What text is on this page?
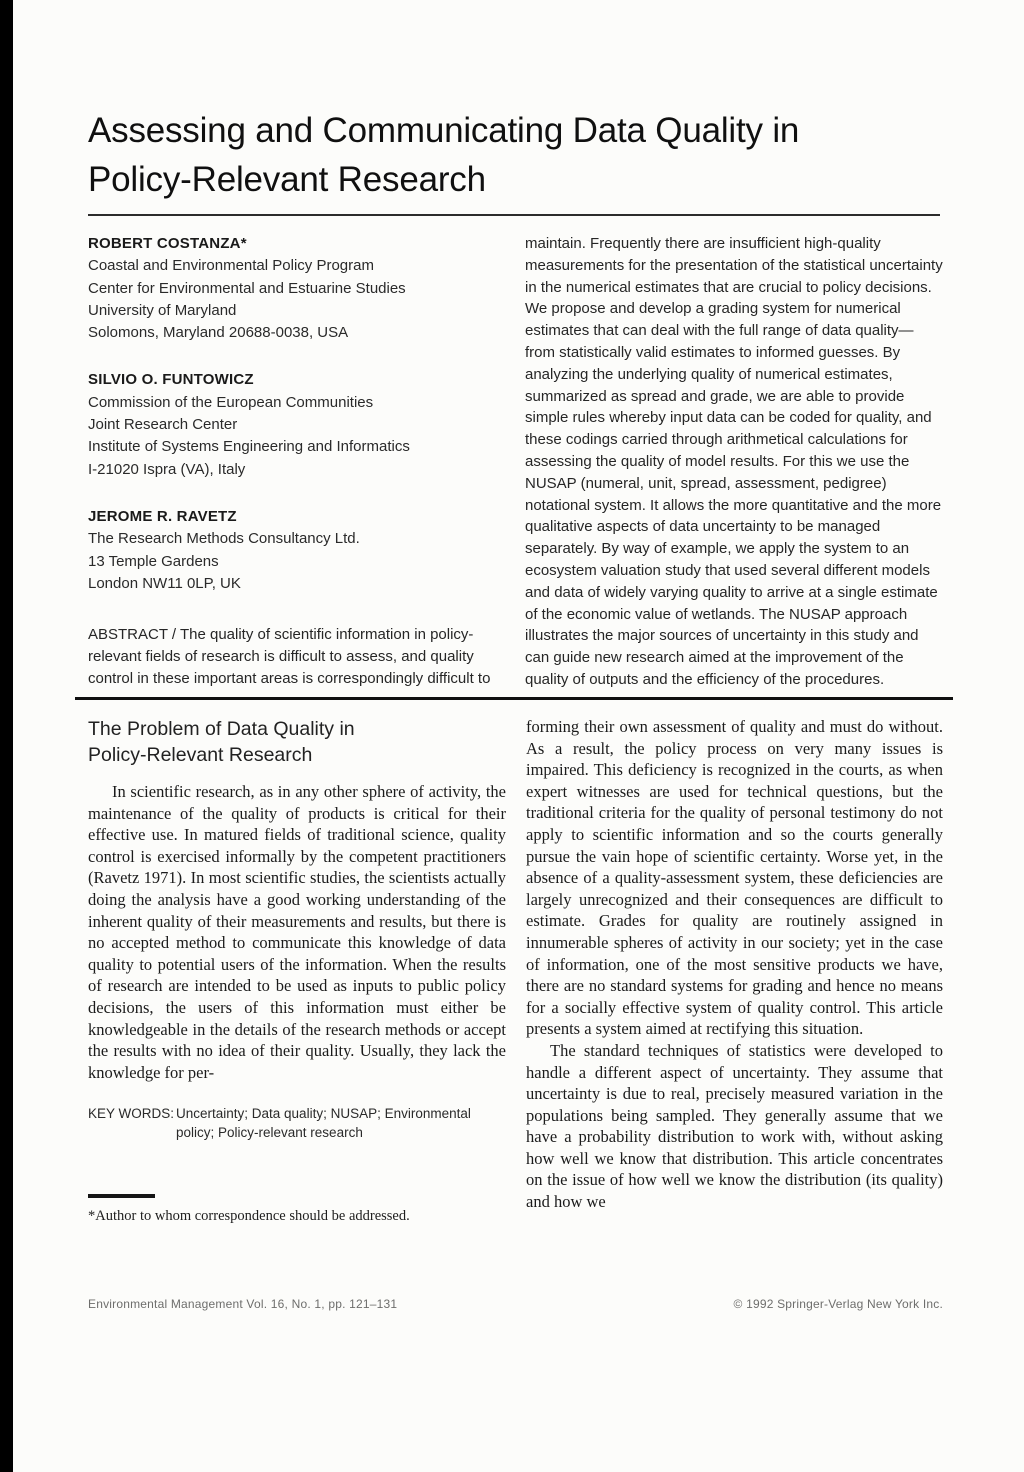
Assessing and Communicating Data Quality in
Policy-Relevant Research
ROBERT COSTANZA*
Coastal and Environmental Policy Program
Center for Environmental and Estuarine Studies
University of Maryland
Solomons, Maryland 20688-0038, USA
SILVIO O. FUNTOWICZ
Commission of the European Communities
Joint Research Center
Institute of Systems Engineering and Informatics
I-21020 Ispra (VA), Italy
JEROME R. RAVETZ
The Research Methods Consultancy Ltd.
13 Temple Gardens
London NW11 0LP, UK
ABSTRACT / The quality of scientific information in policy-relevant fields of research is difficult to assess, and quality control in these important areas is correspondingly difficult to
maintain. Frequently there are insufficient high-quality measurements for the presentation of the statistical uncertainty in the numerical estimates that are crucial to policy decisions. We propose and develop a grading system for numerical estimates that can deal with the full range of data quality—from statistically valid estimates to informed guesses. By analyzing the underlying quality of numerical estimates, summarized as spread and grade, we are able to provide simple rules whereby input data can be coded for quality, and these codings carried through arithmetical calculations for assessing the quality of model results. For this we use the NUSAP (numeral, unit, spread, assessment, pedigree) notational system. It allows the more quantitative and the more qualitative aspects of data uncertainty to be managed separately. By way of example, we apply the system to an ecosystem valuation study that used several different models and data of widely varying quality to arrive at a single estimate of the economic value of wetlands. The NUSAP approach illustrates the major sources of uncertainty in this study and can guide new research aimed at the improvement of the quality of outputs and the efficiency of the procedures.
The Problem of Data Quality in
Policy-Relevant Research

In scientific research, as in any other sphere of activity, the maintenance of the quality of products is critical for their effective use. In matured fields of traditional science, quality control is exercised informally by the competent practitioners (Ravetz 1971). In most scientific studies, the scientists actually doing the analysis have a good working understanding of the inherent quality of their measurements and results, but there is no accepted method to communicate this knowledge of data quality to potential users of the information. When the results of research are intended to be used as inputs to public policy decisions, the users of this information must either be knowledgeable in the details of the research methods or accept the results with no idea of their quality. Usually, they lack the knowledge for per-

KEY WORDS: Uncertainty; Data quality; NUSAP; Environmental policy; Policy-relevant research
*Author to whom correspondence should be addressed.

forming their own assessment of quality and must do without. As a result, the policy process on very many issues is impaired. This deficiency is recognized in the courts, as when expert witnesses are used for technical questions, but the traditional criteria for the quality of personal testimony do not apply to scientific information and so the courts generally pursue the vain hope of scientific certainty. Worse yet, in the absence of a quality-assessment system, these deficiencies are largely unrecognized and their consequences are difficult to estimate. Grades for quality are routinely assigned in innumerable spheres of activity in our society; yet in the case of information, one of the most sensitive products we have, there are no standard systems for grading and hence no means for a socially effective system of quality control. This article presents a system aimed at rectifying this situation.

The standard techniques of statistics were developed to handle a different aspect of uncertainty. They assume that uncertainty is due to real, precisely measured variation in the populations being sampled. They generally assume that we have a probability distribution to work with, without asking how well we know that distribution. This article concentrates on the issue of how well we know the distribution (its quality) and how we

Environmental Management Vol. 16, No. 1, pp. 121–131	© 1992 Springer-Verlag New York Inc.
